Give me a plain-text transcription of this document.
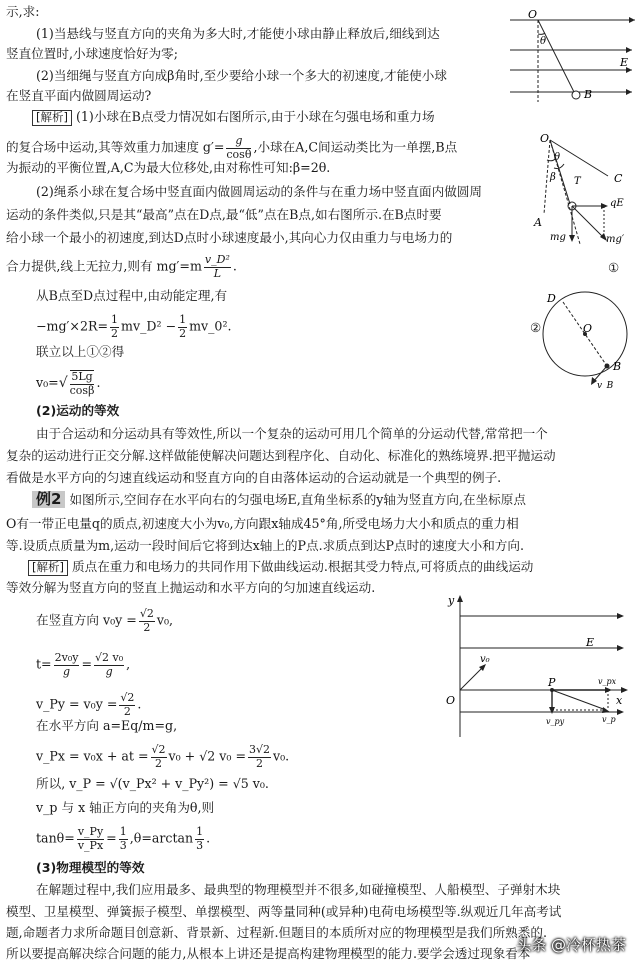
示,求:
(1)当悬线与竖直方向的夹角为多大时,才能使小球由静止释放后,细线到达
竖直位置时,小球速度恰好为零;
(2)当细绳与竖直方向成β角时,至少要给小球一个多大的初速度,才能使小球
在竖直平面内做圆周运动?
[解析] (1)小球在B点受力情况如右图所示,由于小球在匀强电场和重力场
的复合场中运动,其等效重力加速度 $g'= \frac{g}{\cos\theta}$ ,小球在A,C间运动类比为一单摆,B点
为振动的平衡位置,A,C为最大位移处,由对称性可知:β=2θ.
(2)绳系小球在复合场中竖直面内做圆周运动的条件与在重力场中竖直面内做圆周
运动的条件类似,只是其“最高”点在D点,最“低”点在B点,如右图所示.在B点时要
给小球一个最小的初速度,到达D点时小球速度最小,其向心力仅由重力与电场力的
合力提供,线上无拉力,则有 $mg'=m \frac{\text{v\_D²}}{L}$ .	①
从B点至D点过程中,由动能定理,有
$-mg'\times 2R= \frac{1}{2}$ mv_D² − $\frac{1}{2}$ mv_0².	②
联立以上①②得
$v_0=√ \frac{5Lg}{\cos\beta}$ .
(2)运动的等效
由于合运动和分运动具有等效性,所以一个复杂的运动可用几个简单的分运动代替,常常把一个
复杂的运动进行正交分解.这样做能使解决问题达到程序化、自动化、标准化的熟练境界.把平抛运动
看做是水平方向的匀速直线运动和竖直方向的自由落体运动的合运动就是一个典型的例子.
例2 如图所示,空间存在水平向右的匀强电场E,直角坐标系的y轴为竖直方向,在坐标原点
O有一带正电量q的质点,初速度大小为v₀,方向跟x轴成45°角,所受电场力大小和质点的重力相
等.设质点质量为m,运动一段时间后它将到达x轴上的P点.求质点到达P点时的速度大小和方向.
[解析] 质点在重力和电场力的共同作用下做曲线运动.根据其受力特点,可将质点的曲线运动
等效分解为竖直方向的竖直上抛运动和水平方向的匀加速直线运动.
在竖直方向 $v_0y = \frac{√2}{2} v_0$,
$t= \frac{\text{2v₀y}}{g} = \frac{\text{√2 v₀}}{g}$ ,
v_Py = $v_0y = \frac{√2}{2}$ .
在水平方向 a=Eq/m=g,
v_Px = v₀x + at = $\frac{√2}{2} v_0 + √2$ $v_0 = \frac{3√2}{2} v_0$.
所以, v_P = √(v_Px² + v_Py²) = √5 v₀.
v_p 与 x 轴正方向的夹角为θ,则
$\tan\theta= \frac{v\_Py}{v\_Px} = \frac{1}{3} ,\theta=\arctan \frac{1}{3}$ .
(3)物理模型的等效
在解题过程中,我们应用最多、最典型的物理模型并不很多,如碰撞模型、人船模型、子弹射木块
模型、卫星模型、弹簧振子模型、单摆模型、两等量同种(或异种)电荷电场模型等.纵观近几年高考试
题,命题者力求所命题目创意新、背景新、过程新.但题目的本质所对应的物理模型是我们所熟悉的.
所以要提高解决综合问题的能力,从根本上讲还是提高构建物理模型的能力.要学会透过现象看本
O
θ
E
B
O
θ
β T	C
qE
A
mg	mg′
D
O
B
v_B
y
E
v₀
O
P
x
v_px
v_py	v_p
头条 @冷杯热茶
